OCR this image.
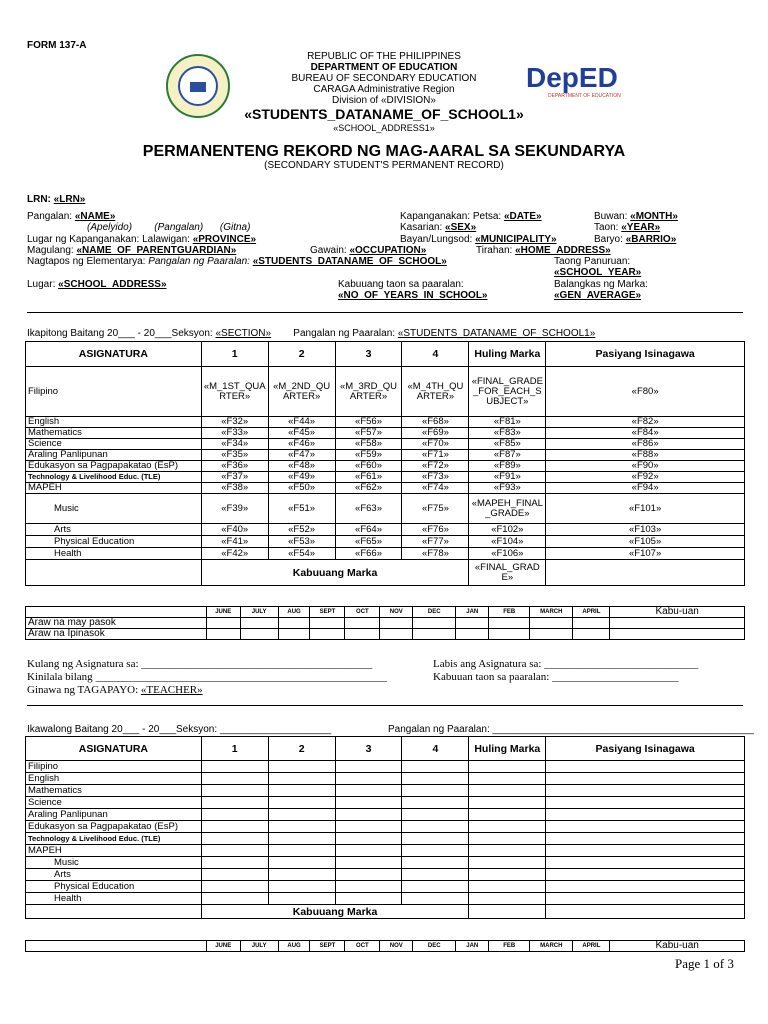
FORM 137-A
DepED
DEPARTMENT OF EDUCATION
REPUBLIC OF THE PHILIPPINES
DEPARTMENT OF EDUCATION
BUREAU OF SECONDARY EDUCATION
CARAGA Administrative Region
Division of «DIVISION»
«STUDENTS_DATANAME_OF_SCHOOL1»
«SCHOOL_ADDRESS1»
PERMANENTENG REKORD NG MAG-AARAL SA SEKUNDARYA
(SECONDARY STUDENT'S PERMANENT RECORD)
LRN: «LRN»
Pangalan: «NAME»
(Apelyido)        (Pangalan)      (Gitna)
Lugar ng Kapanganakan: Lalawigan: «PROVINCE»
Magulang: «NAME_OF_PARENTGUARDIAN»
Nagtapos ng Elementarya: Pangalan ng Paaralan: «STUDENTS_DATANAME_OF_SCHOOL»
Lugar: «SCHOOL_ADDRESS»
Kapanganakan: Petsa: «DATE»	Buwan: «MONTH»
Kasarian: «SEX»	Taon: «YEAR»
Bayan/Lungsod: «MUNICIPALITY»	Baryo: «BARRIO»
Gawain: «OCCUPATION»	Tirahan: «HOME_ADDRESS»
Taong Panuruan:
«SCHOOL_YEAR»
Kabuuang taon sa paaralan:
«NO_OF_YEARS_IN_SCHOOL»
Balangkas ng Marka:
«GEN_AVERAGE»
Ikapitong Baitang 20___ - 20___Seksyon: «SECTION» Pangalan ng Paaralan: «STUDENTS_DATANAME_OF_SCHOOL1»
ASIGNATURA	1	2	3	4	Huling Marka	Pasiyang Isinagawa
Filipino	«M_1ST_QUARTER»	«M_2ND_QUARTER»	«M_3RD_QUARTER»	«M_4TH_QUARTER»	«FINAL_GRADE_FOR_EACH_SUBJECT»	«F80»
English	«F32»	«F44»	«F56»	«F68»	«F81»	«F82»
Mathematics	«F33»	«F45»	«F57»	«F69»	«F83»	«F84»
Science	«F34»	«F46»	«F58»	«F70»	«F85»	«F86»
Araling Panlipunan	«F35»	«F47»	«F59»	«F71»	«F87»	«F88»
Edukasyon sa Pagpapakatao (EsP)	«F36»	«F48»	«F60»	«F72»	«F89»	«F90»
Technology & Livelihood Educ. (TLE)	«F37»	«F49»	«F61»	«F73»	«F91»	«F92»
MAPEH	«F38»	«F50»	«F62»	«F74»	«F93»	«F94»
Music	«F39»	«F51»	«F63»	«F75»	«MAPEH_FINAL_GRADE»	«F101»
Arts	«F40»	«F52»	«F64»	«F76»	«F102»	«F103»
Physical Education	«F41»	«F53»	«F65»	«F77»	«F104»	«F105»
Health	«F42»	«F54»	«F66»	«F78»	«F106»	«F107»
	Kabuuang Marka				«FINAL_GRADE»	
	JUNE	JULY	AUG	SEPT	OCT	NOV	DEC	JAN	FEB	MARCH	APRIL	Kabu-uan
Araw na may pasok												
Araw na Ipinasok												
Kulang ng Asignatura sa: __________________________________________
Kinilala bilang _____________________________________________________
Ginawa ng TAGAPAYO: «TEACHER»
Labis ang Asignatura sa: ____________________________
Kabuuan taon sa paaralan: _______________________
Ikawalong Baitang 20___ - 20___Seksyon: ____________________	Pangalan ng Paaralan: _______________________________________________
ASIGNATURA	1	2	3	4	Huling Marka	Pasiyang Isinagawa
Filipino						
English						
Mathematics						
Science						
Araling Panlipunan						
Edukasyon sa Pagpapakatao (EsP)						
Technology & Livelihood Educ. (TLE)						
MAPEH						
Music						
Arts						
Physical Education						
Health						
	Kabuuang Marka					
	JUNE	JULY	AUG	SEPT	OCT	NOV	DEC	JAN	FEB	MARCH	APRIL	Kabu-uan
Page 1 of 3
